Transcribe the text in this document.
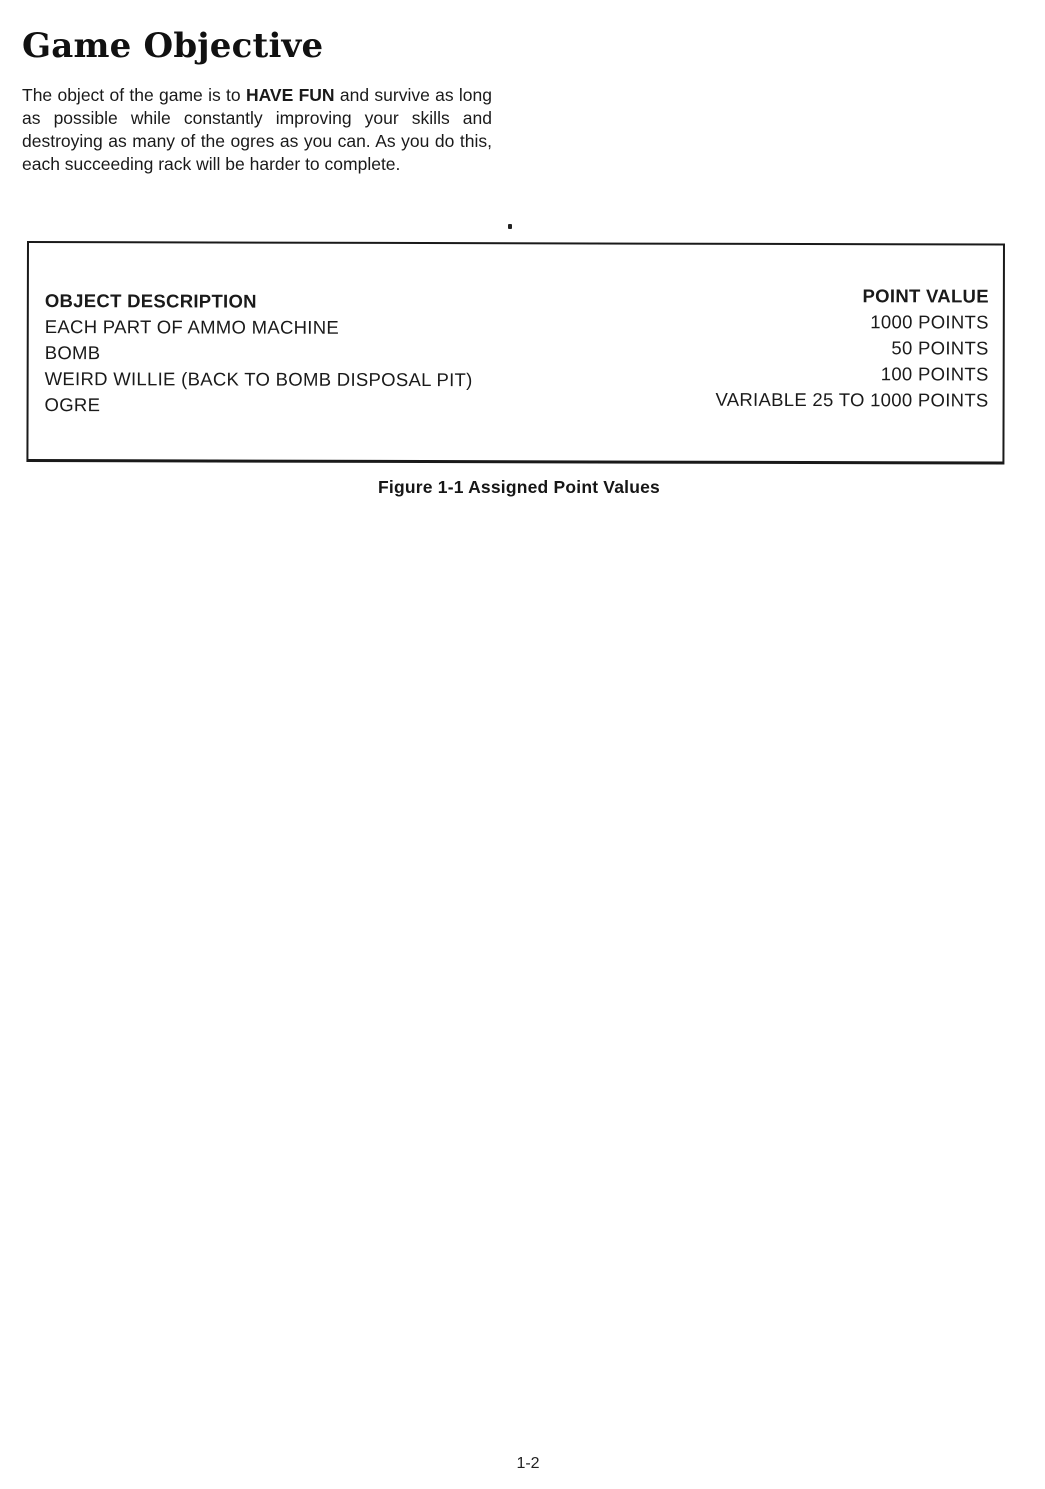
Game Objective

The object of the game is to HAVE FUN and survive as long as possible while constantly improving your skills and destroying as many of the ogres as you can. As you do this, each succeeding rack will be harder to complete.

OBJECT DESCRIPTION
EACH PART OF AMMO MACHINE
BOMB
WEIRD WILLIE (BACK TO BOMB DISPOSAL PIT)
OGRE
POINT VALUE
1000 POINTS
50 POINTS
100 POINTS
VARIABLE 25 TO 1000 POINTS
Figure 1-1 Assigned Point Values
1-2
